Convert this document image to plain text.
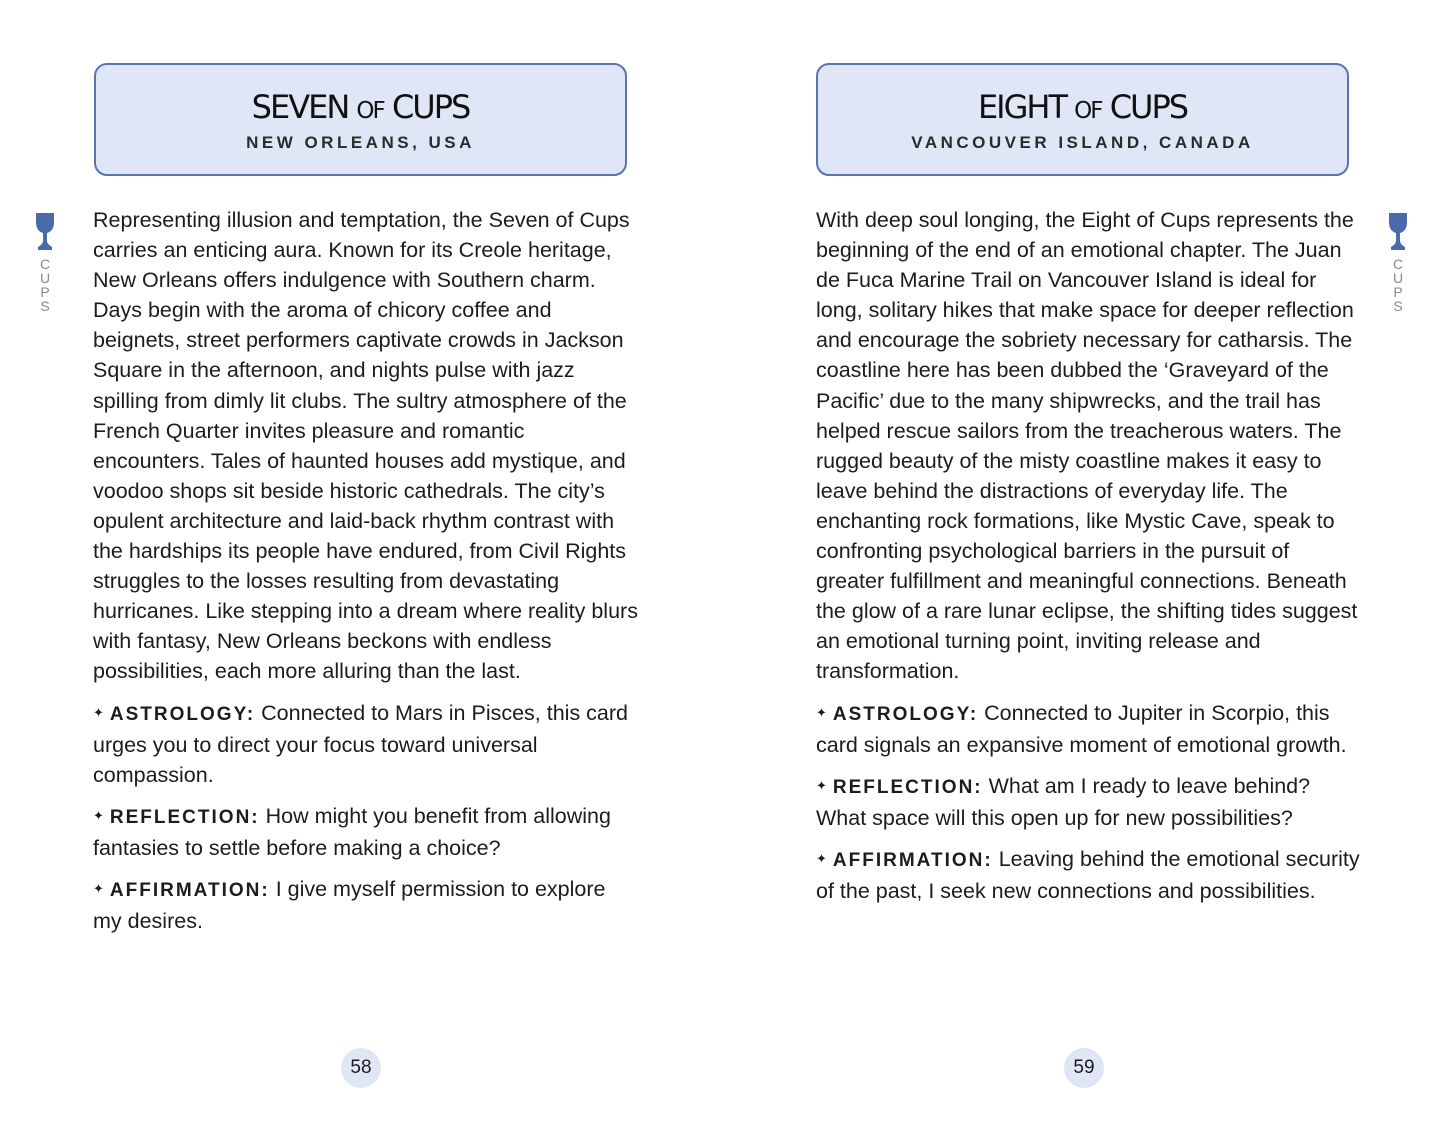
SEVEN OF CUPS
NEW ORLEANS, USA
C
U
P
S

Representing illusion and temptation, the Seven of Cups carries an enticing aura. Known for its Creole heritage, New Orleans offers indulgence with Southern charm. Days begin with the aroma of chicory coffee and beignets, street performers captivate crowds in Jackson Square in the afternoon, and nights pulse with jazz spilling from dimly lit clubs. The sultry atmosphere of the French Quarter invites pleasure and romantic encounters. Tales of haunted houses add mystique, and voodoo shops sit beside historic cathedrals. The city’s opulent architecture and laid-back rhythm contrast with the hardships its people have endured, from Civil Rights struggles to the losses resulting from devastating hurricanes. Like stepping into a dream where reality blurs with fantasy, New Orleans beckons with endless possibilities, each more alluring than the last.

✦ ASTROLOGY: Connected to Mars in Pisces, this card urges you to direct your focus toward universal compassion.

✦ REFLECTION: How might you benefit from allowing fantasies to settle before making a choice?

✦ AFFIRMATION: I give myself permission to explore my desires.

58
EIGHT OF CUPS
VANCOUVER ISLAND, CANADA
C
U
P
S

With deep soul longing, the Eight of Cups represents the beginning of the end of an emotional chapter. The Juan de Fuca Marine Trail on Vancouver Island is ideal for long, solitary hikes that make space for deeper reflection and encourage the sobriety necessary for catharsis. The coastline here has been dubbed the ‘Graveyard of the Pacific’ due to the many shipwrecks, and the trail has helped rescue sailors from the treacherous waters. The rugged beauty of the misty coastline makes it easy to leave behind the distractions of everyday life. The enchanting rock formations, like Mystic Cave, speak to confronting psychological barriers in the pursuit of greater fulfillment and meaningful connections. Beneath the glow of a rare lunar eclipse, the shifting tides suggest an emotional turning point, inviting release and transformation.

✦ ASTROLOGY: Connected to Jupiter in Scorpio, this card signals an expansive moment of emotional growth.

✦ REFLECTION: What am I ready to leave behind? What space will this open up for new possibilities?

✦ AFFIRMATION: Leaving behind the emotional security of the past, I seek new connections and possibilities.

59
